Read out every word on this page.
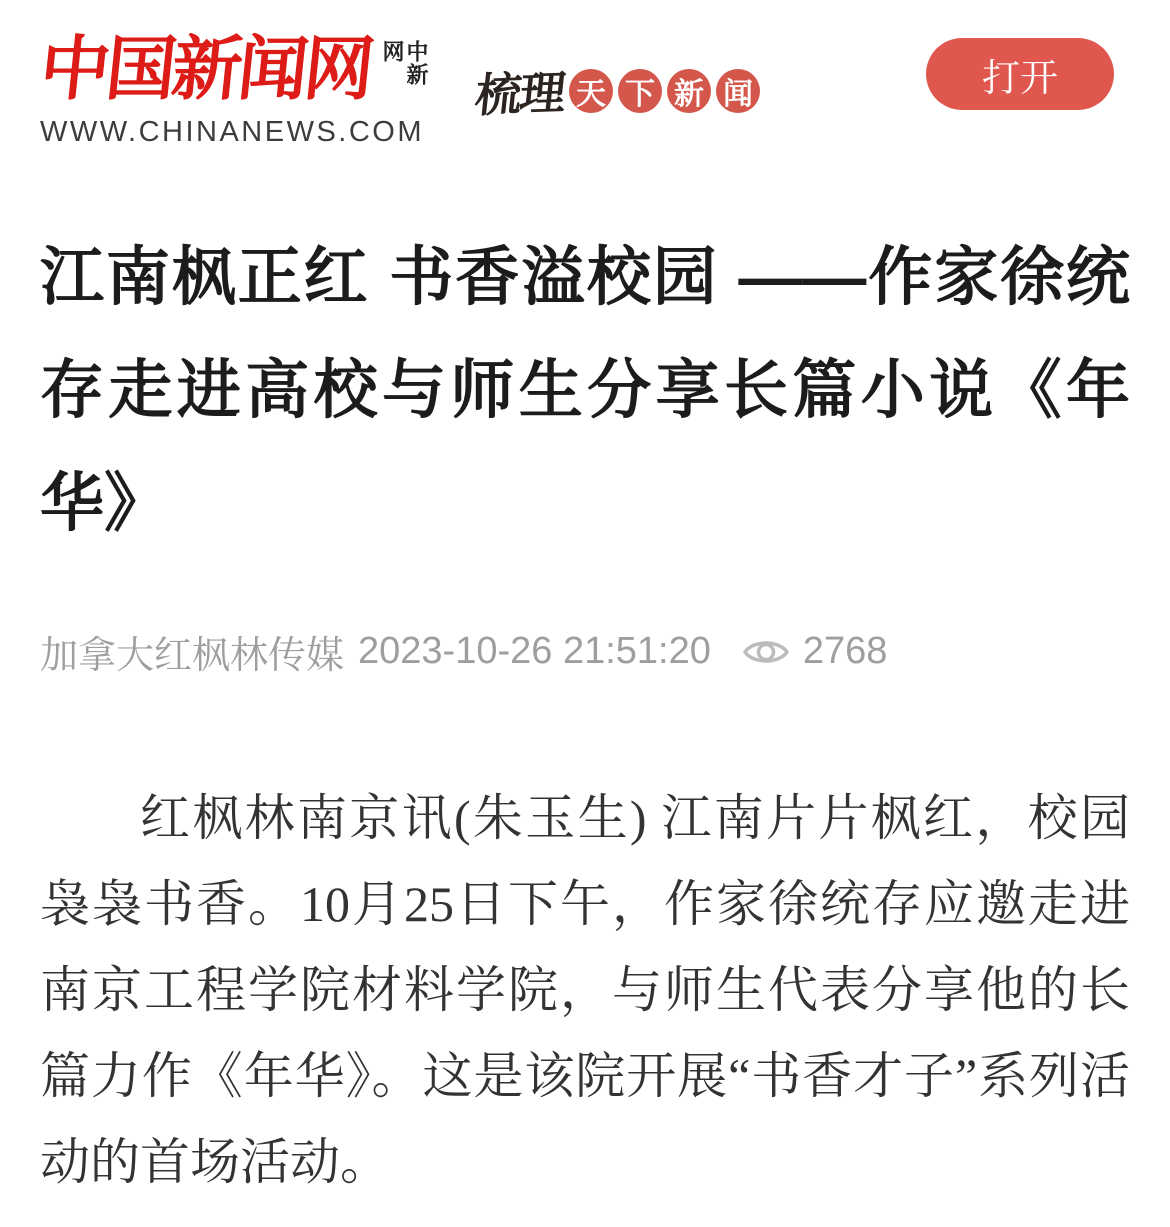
中国新闻网	中新网
WWW.CHINANEWS.COM
梳理 天 下 新 闻	打开
江南枫正红 书香溢校园 ——作家徐统存走进高校与师生分享长篇小说《年华》
加拿大红枫林传媒 2023-10-26 21:51:20 2768

红枫林南京讯(朱玉生) 江南片片枫红，校园袅袅书香。10月25日下午，作家徐统存应邀走进南京工程学院材料学院，与师生代表分享他的长篇力作《年华》。这是该院开展“书香才子”系列活动的首场活动。
